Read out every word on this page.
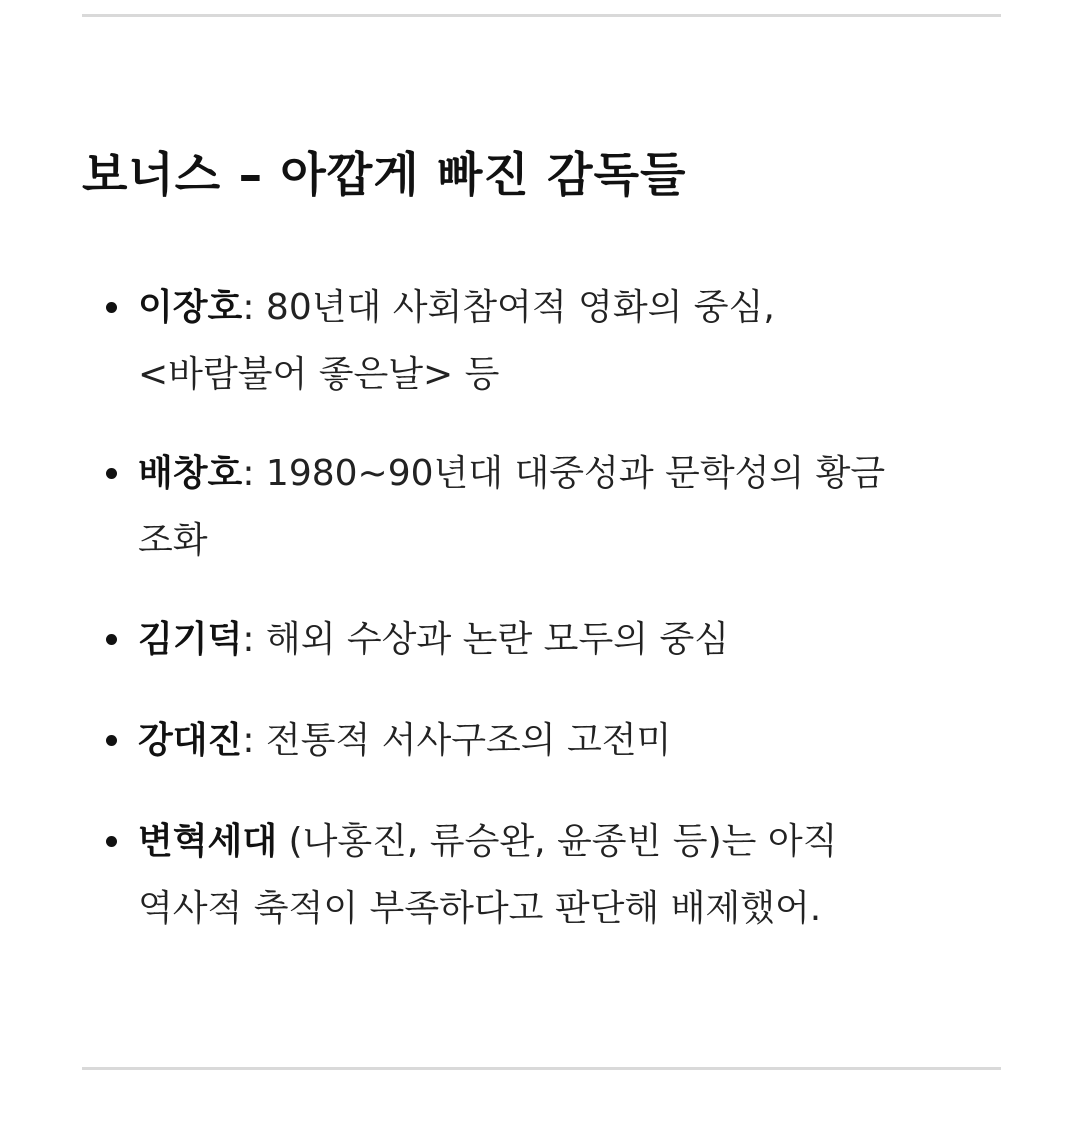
보너스 – 아깝게 빠진 감독들
이장호: 80년대 사회참여적 영화의 중심,
<바람불어 좋은날> 등
배창호: 1980~90년대 대중성과 문학성의 황금
조화
김기덕: 해외 수상과 논란 모두의 중심
강대진: 전통적 서사구조의 고전미
변혁세대 (나홍진, 류승완, 윤종빈 등)는 아직
역사적 축적이 부족하다고 판단해 배제했어.
